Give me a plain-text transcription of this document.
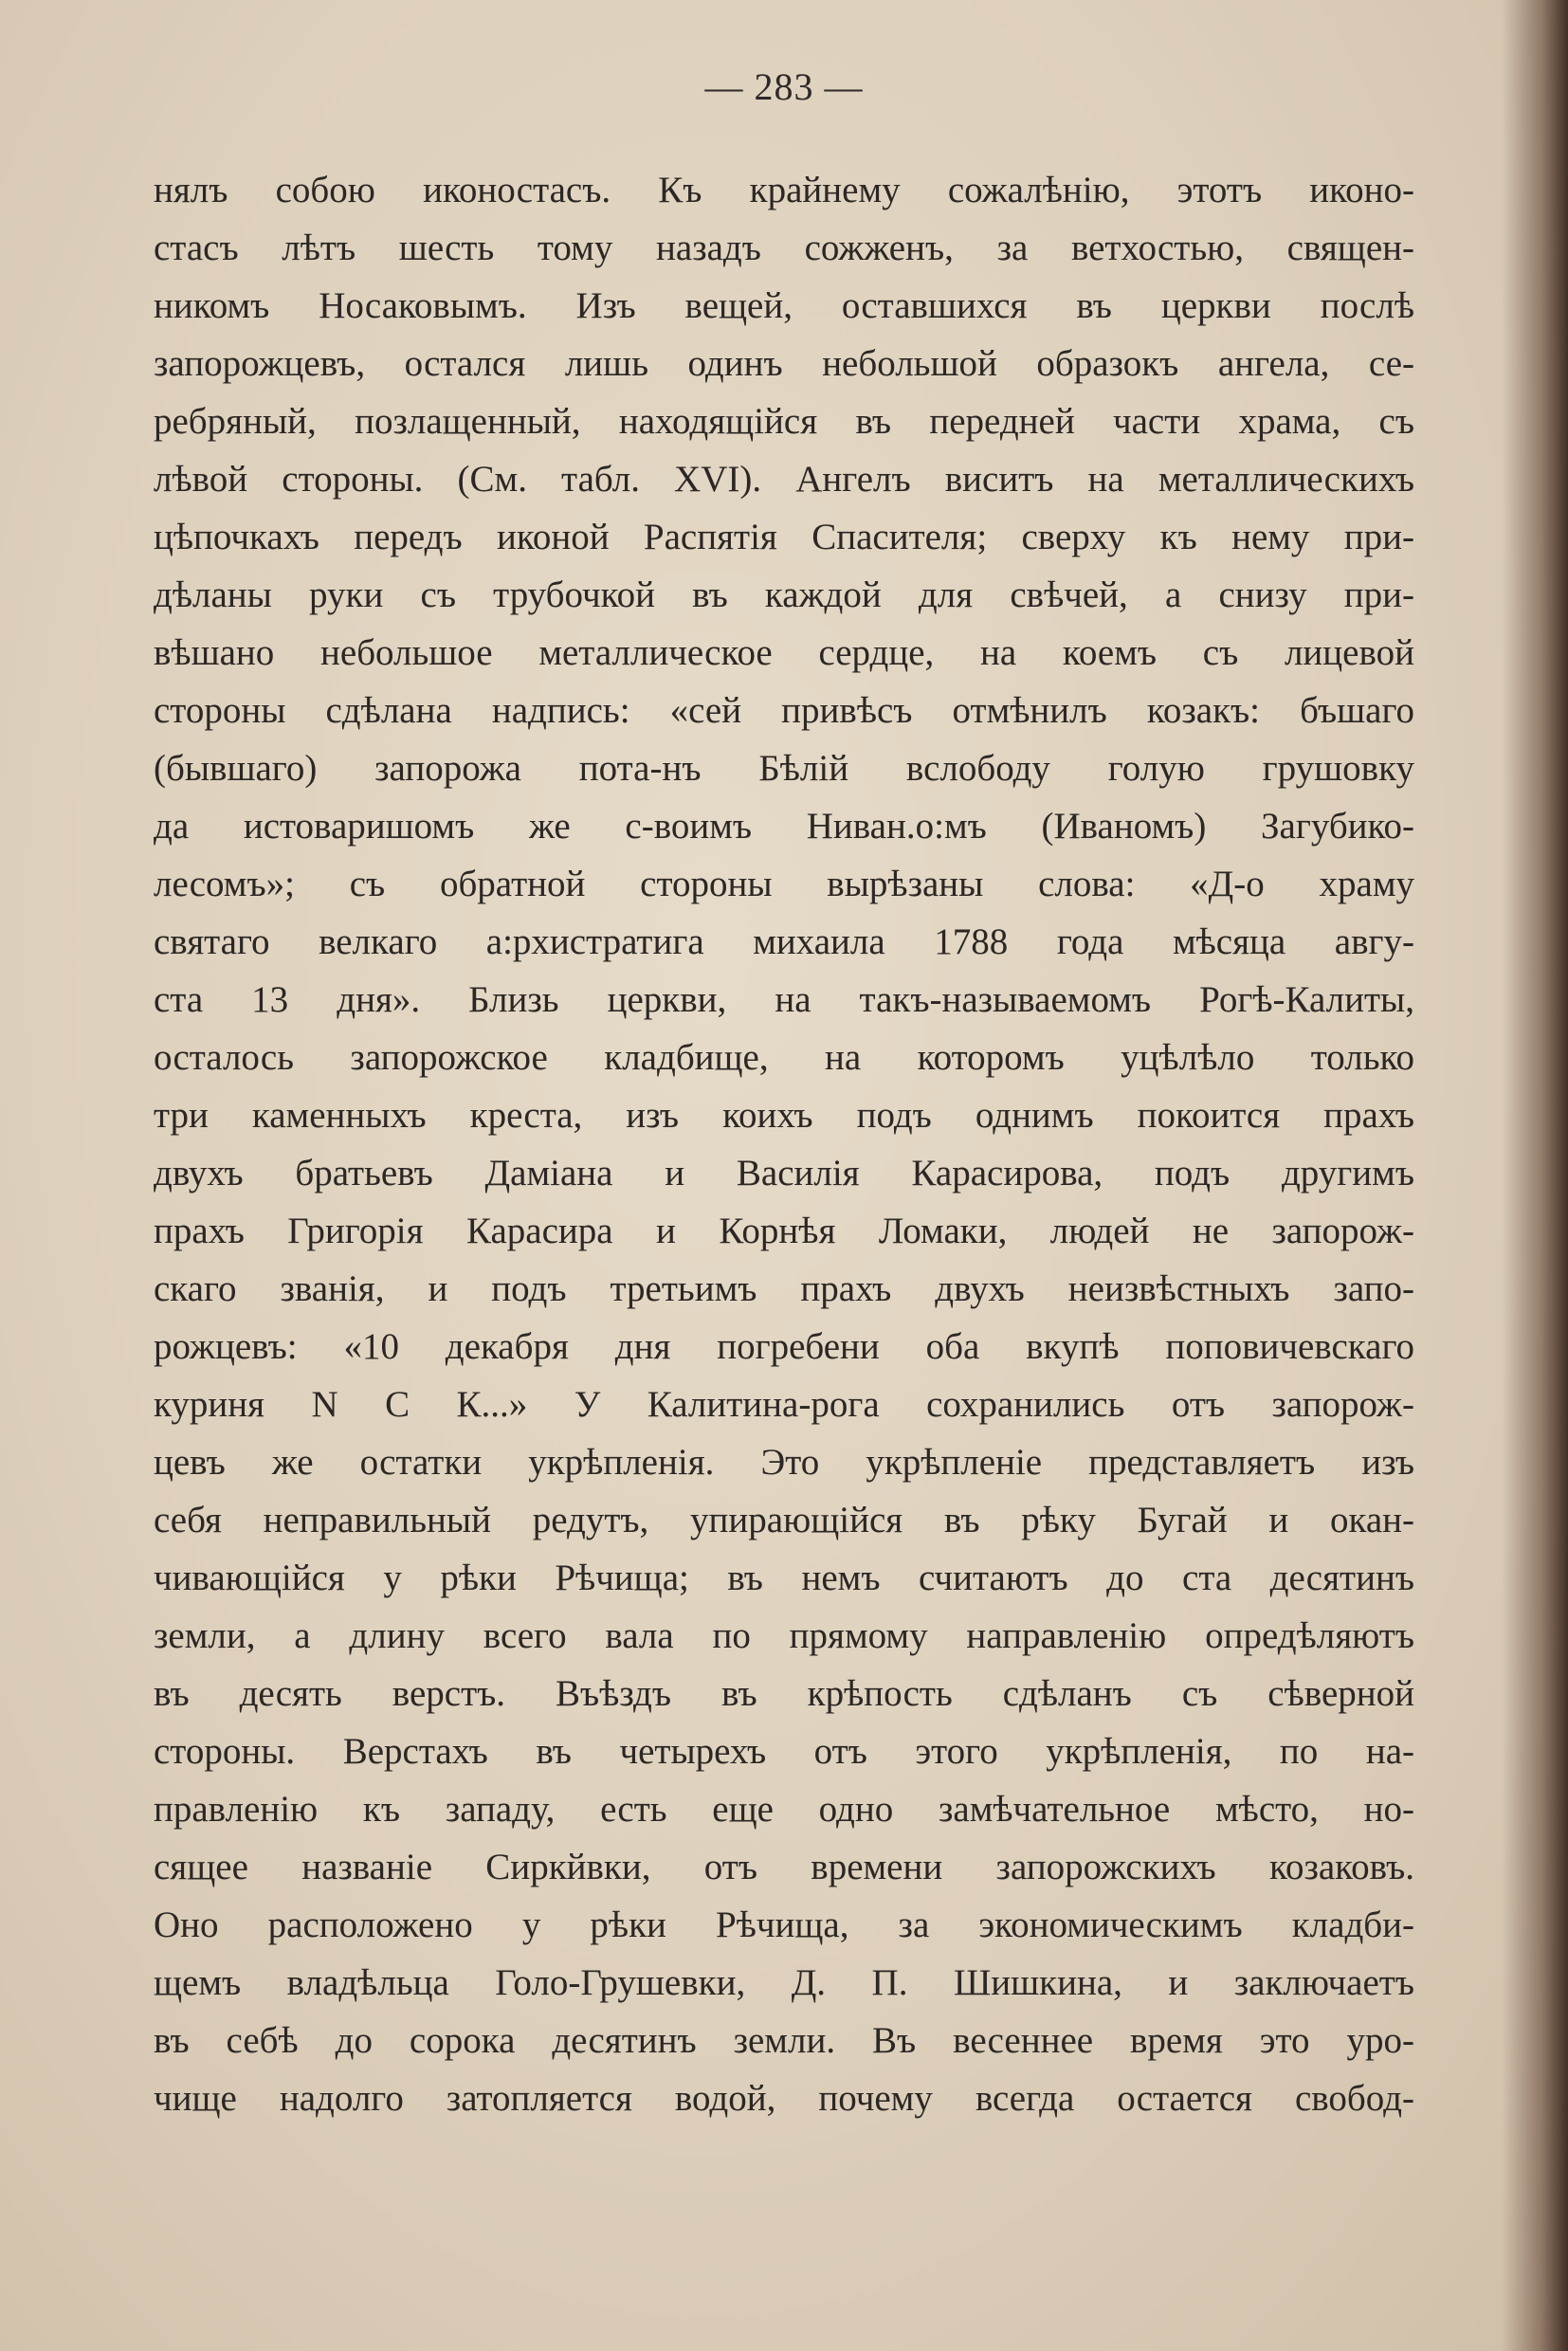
— 283 —
нялъ собою иконостасъ. Къ крайнему сожалѣнію, этотъ иконо-
стасъ лѣтъ шесть тому назадъ сожженъ, за ветхостью, священ-
никомъ Носаковымъ. Изъ вещей, оставшихся въ церкви послѣ
запорожцевъ, остался лишь одинъ небольшой образокъ ангела, се-
ребряный, позлащенный, находящійся въ передней части храма, съ
лѣвой стороны. (См. табл. XVI). Ангелъ виситъ на металлическихъ
цѣпочкахъ передъ иконой Распятія Спасителя; сверху къ нему при-
дѣланы руки съ трубочкой въ каждой для свѣчей, а снизу при-
вѣшано небольшое металлическое сердце, на коемъ съ лицевой
стороны сдѣлана надпись: «сей привѣсъ отмѣнилъ козакъ: бъшаго
(бывшаго) запорожа пота-нъ Бѣлій вслободу голую грушовку
да истоваришомъ же с-воимъ Ниван.о:мъ (Иваномъ) Загубико-
лесомъ»; съ обратной стороны вырѣзаны слова: «Д-о храму
святаго велкаго а:рхистратига михаила 1788 года мѣсяца авгу-
ста 13 дня». Близь церкви, на такъ-называемомъ Рогѣ-Калиты,
осталось запорожское кладбище, на которомъ уцѣлѣло только
три каменныхъ креста, изъ коихъ подъ однимъ покоится прахъ
двухъ братьевъ Даміана и Василія Карасирова, подъ другимъ
прахъ Григорія Карасира и Корнѣя Ломаки, людей не запорож-
скаго званія, и подъ третьимъ прахъ двухъ неизвѣстныхъ запо-
рожцевъ: «10 декабря дня погребени оба вкупѣ поповичевскаго
куриня N С К...» У Калитина-рога сохранились отъ запорож-
цевъ же остатки укрѣпленія. Это укрѣпленіе представляетъ изъ
себя неправильный редутъ, упирающійся въ рѣку Бугай и окан-
чивающійся у рѣки Рѣчища; въ немъ считаютъ до ста десятинъ
земли, а длину всего вала по прямому направленію опредѣляютъ
въ десять верстъ. Въѣздъ въ крѣпость сдѣланъ съ сѣверной
стороны. Верстахъ въ четырехъ отъ этого укрѣпленія, по на-
правленію къ западу, есть еще одно замѣчательное мѣсто, но-
сящее названіе Сиркйвки, отъ времени запорожскихъ козаковъ.
Оно расположено у рѣки Рѣчища, за экономическимъ кладби-
щемъ владѣльца Голо-Грушевки, Д. П. Шишкина, и заключаетъ
въ себѣ до сорока десятинъ земли. Въ весеннее время это уро-
чище надолго затопляется водой, почему всегда остается свобод-
